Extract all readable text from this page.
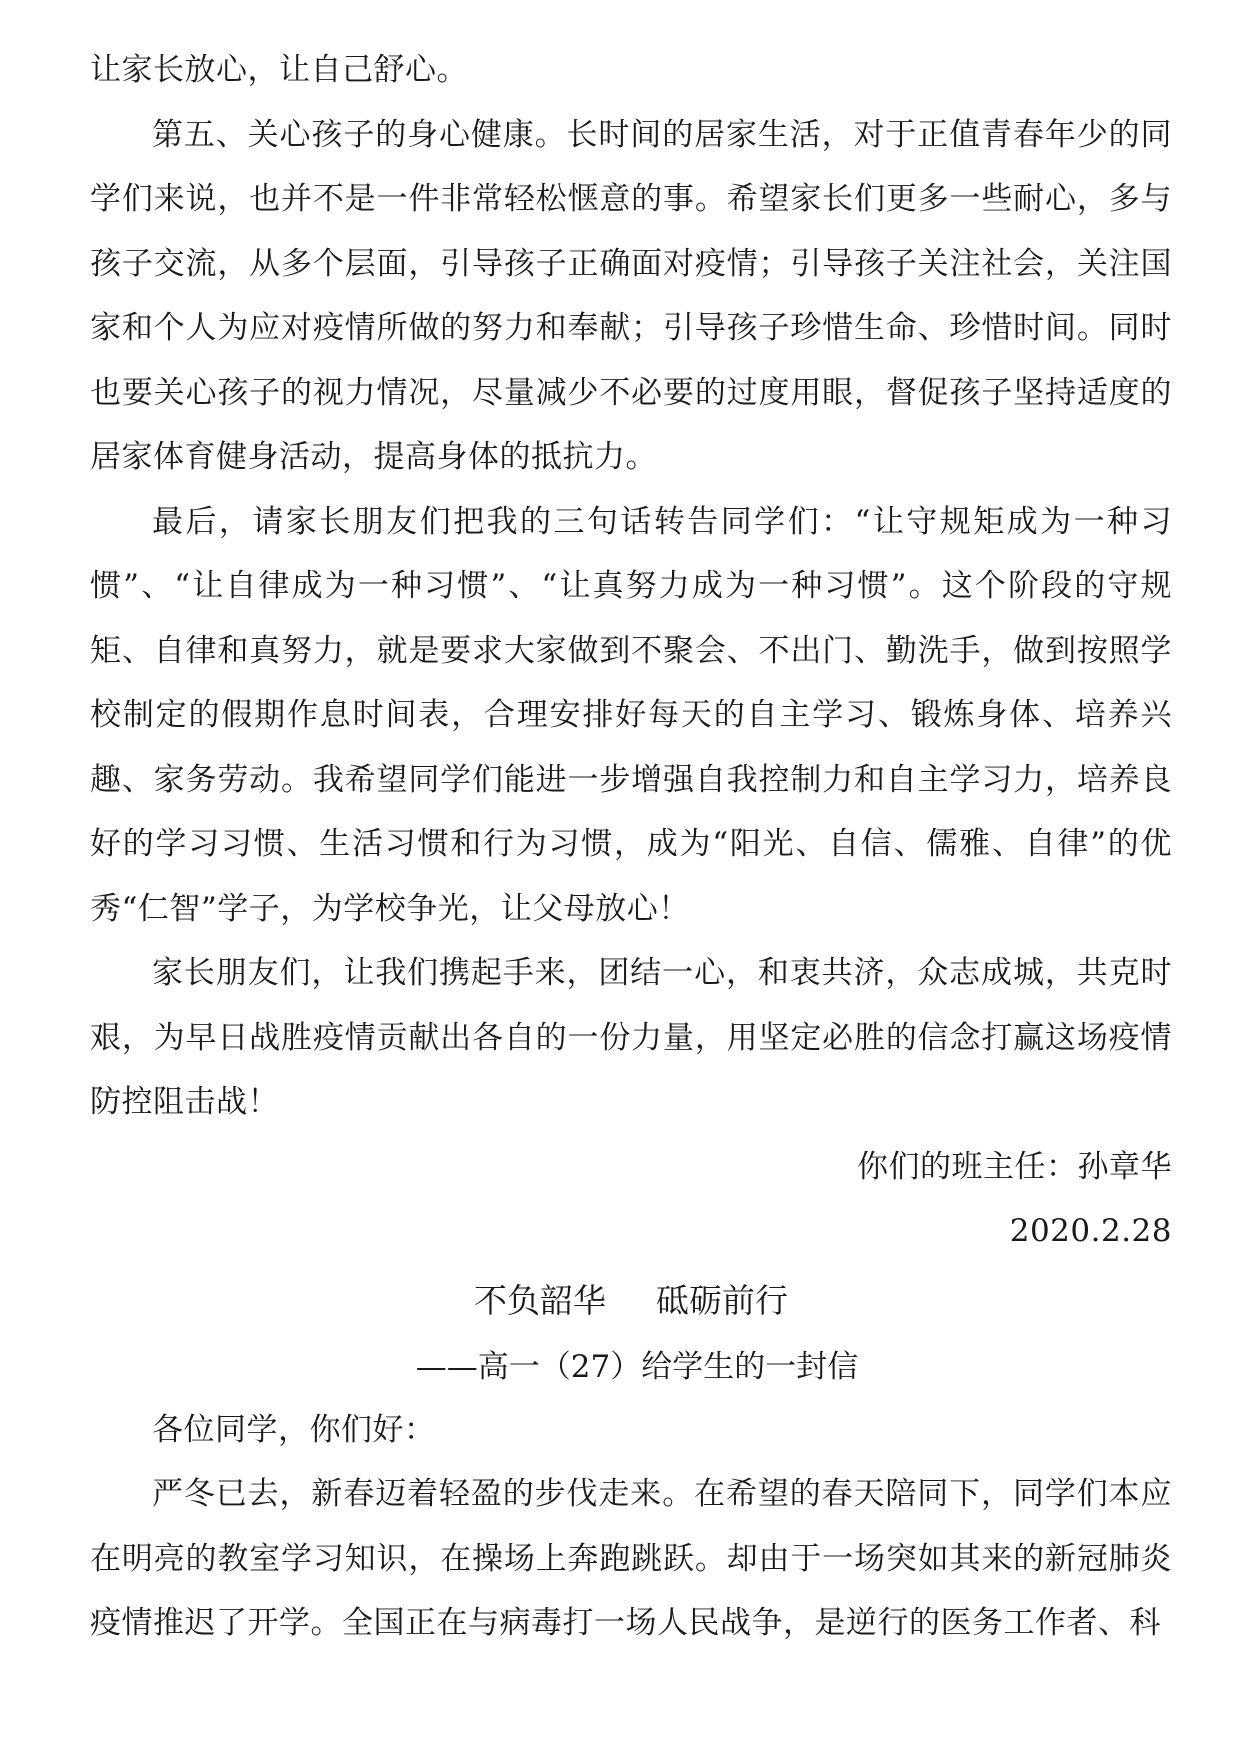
让家长放心，让自己舒心。

第五、关心孩子的身心健康。长时间的居家生活，对于正值青春年少的同学们来说，也并不是一件非常轻松惬意的事。希望家长们更多一些耐心，多与孩子交流，从多个层面，引导孩子正确面对疫情；引导孩子关注社会，关注国家和个人为应对疫情所做的努力和奉献；引导孩子珍惜生命、珍惜时间。同时也要关心孩子的视力情况，尽量减少不必要的过度用眼，督促孩子坚持适度的居家体育健身活动，提高身体的抵抗力。

最后，请家长朋友们把我的三句话转告同学们：“让守规矩成为一种习惯”、“让自律成为一种习惯”、“让真努力成为一种习惯”。这个阶段的守规矩、自律和真努力，就是要求大家做到不聚会、不出门、勤洗手，做到按照学校制定的假期作息时间表，合理安排好每天的自主学习、锻炼身体、培养兴趣、家务劳动。我希望同学们能进一步增强自我控制力和自主学习力，培养良好的学习习惯、生活习惯和行为习惯，成为“阳光、自信、儒雅、自律”的优秀“仁智”学子，为学校争光，让父母放心！

家长朋友们，让我们携起手来，团结一心，和衷共济，众志成城，共克时艰，为早日战胜疫情贡献出各自的一份力量，用坚定必胜的信念打赢这场疫情防控阻击战！

你们的班主任：孙章华

2020.2.28

不负韶华 砥砺前行

——高一（27）给学生的一封信

各位同学，你们好：

严冬已去，新春迈着轻盈的步伐走来。在希望的春天陪同下，同学们本应在明亮的教室学习知识，在操场上奔跑跳跃。却由于一场突如其来的新冠肺炎疫情推迟了开学。全国正在与病毒打一场人民战争，是逆行的医务工作者、科
